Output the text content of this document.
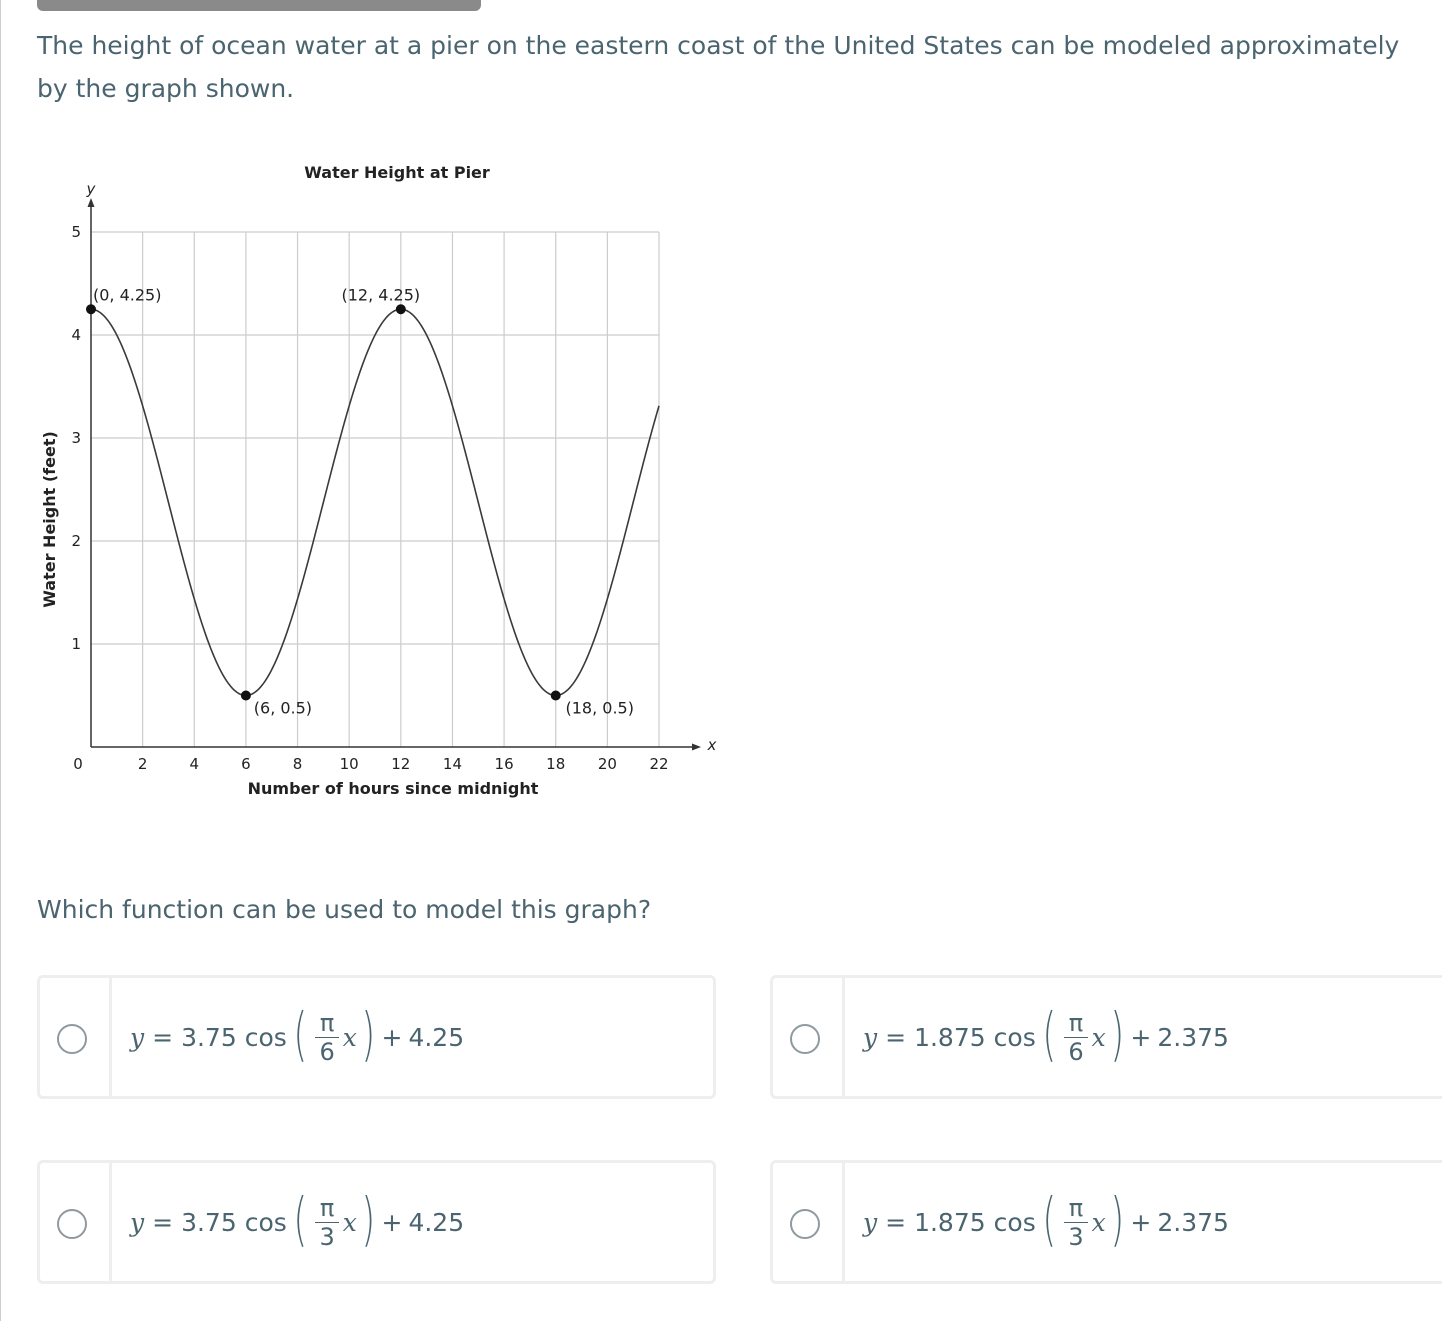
The height of ocean water at a pier on the eastern coast of the United States can be modeled approximately by the graph shown.
0	2	4	6	8 10 12 14 16 18 20 22
1
2
3
4
5
x
y
Water Height at Pier
Number of hours since midnight
Water Height (feet)
(0, 4.25)	(12, 4.25)
(6, 0.5)	(18, 0.5)
Which function can be used to model this graph?
y = 3.75 cos ( $\frac{\pi}{6}$ x ) + 4.25	y = 1.875 cos ( $\frac{\pi}{6}$ x ) + 2.375
y = 3.75 cos ( $\frac{\pi}{3}$ x ) + 4.25	y = 1.875 cos ( $\frac{\pi}{3}$ x ) + 2.375
